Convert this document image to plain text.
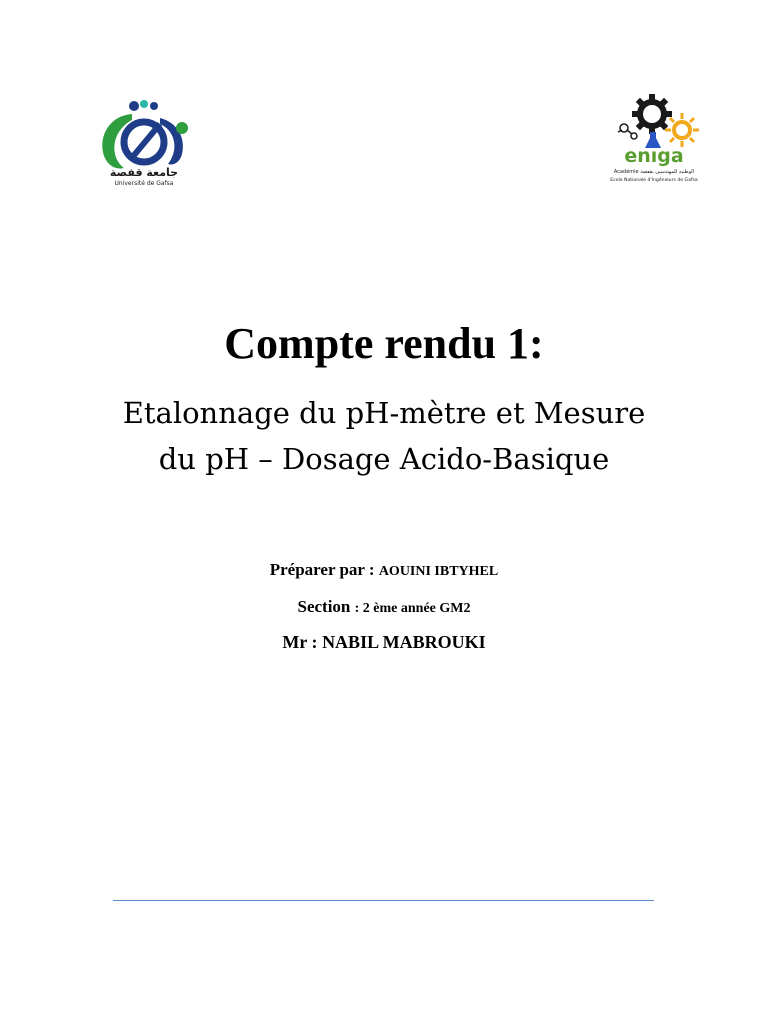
جامعة قفصة
Université de Gafsa
enıga
Académie الوطنية للمهندسين بقفصة
Ecole Nationale d'Ingénieurs de Gafsa
Compte rendu 1:
Etalonnage du pH-mètre et Mesure du pH – Dosage Acido-Basique
Préparer par : AOUINI IBTYHEL
Section : 2 ème année GM2
Mr : NABIL MABROUKI
